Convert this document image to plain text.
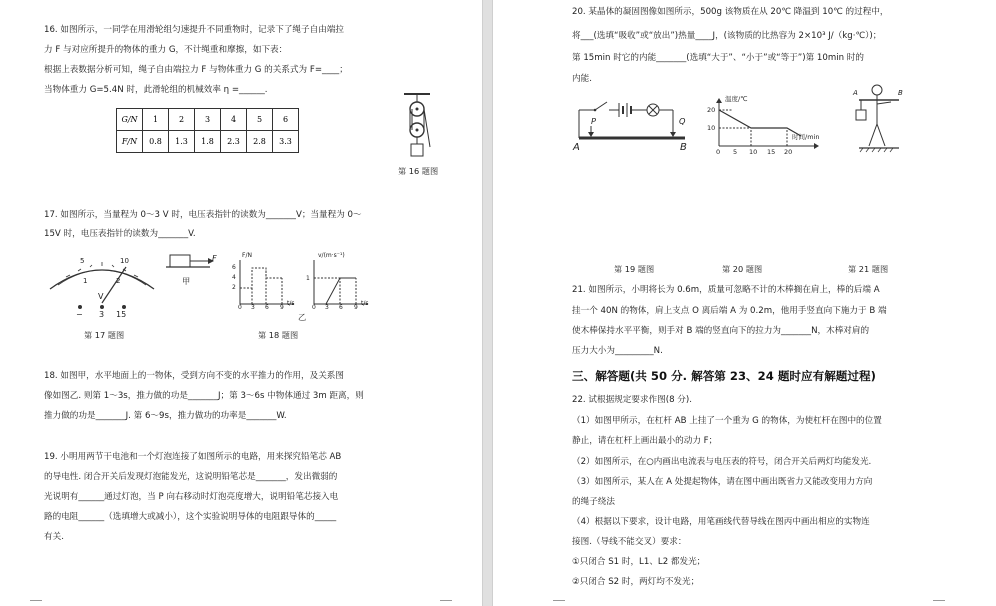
16. 如图所示，一同学在用滑轮组匀速提升不同重物时，记录下了绳子自由端拉
力 F 与对应所提升的物体的重力 G，不计绳重和摩擦，如下表：
根据上表数据分析可知，绳子自由端拉力 F 与物体重力 G 的关系式为 F=____；
当物体重力 G=5.4N 时，此滑轮组的机械效率 η =______.
G/N	1	2	3	4	5	6
F/N	0.8	1.3	1.8	2.3	2.8	3.3
第 16 题图
17. 如图所示，当量程为 0～3 V 时，电压表指针的读数为_______V；当量程为 0～
15V 时，电压表指针的读数为_______V.
5	10
1	2
V
− 3 15
第 17 题图
F
甲
F/N
6
4
2
0 3 6 9
t/s
v/(m·s⁻¹)
1
0 3 6 9
t/s
乙
第 18 题图
18. 如图甲，水平地面上的一物体，受到方向不变的水平推力的作用，及关系图
像如图乙. 则第 1～3s，推力做的功是_______J；第 3～6s 中物体通过 3m 距离，则
推力做的功是_______J. 第 6～9s，推力做功的功率是_______W.
19. 小明用两节干电池和一个灯泡连接了如图所示的电路，用来探究铅笔芯 AB
的导电性. 闭合开关后发现灯泡能发光，这说明铅笔芯是_______，发出微弱的
光说明有______通过灯泡，当 P 向右移动时灯泡亮度增大，说明铅笔芯接入电
路的电阻______（选填增大或减小），这个实验说明导体的电阻跟导体的_____
有关.
20. 某晶体的凝固图像如图所示，500g 该物质在从 20℃ 降温到 10℃ 的过程中，
将___(选填“吸收”或“放出”)热量____J，(该物质的比热容为 2×10³ J/（kg·℃）)；
第 15min 时它的内能_______(选填“大于”、“小于”或“等于”)第 10min 时的
内能.
P	Q
A	B
第 19 题图
温度/℃
20
10
0 5 10 15 20
时间/min
第 20 题图
A	B
第 21 题图
21. 如图所示，小明将长为 0.6m，质量可忽略不计的木棒搁在肩上，棒的后端 A
挂一个 40N 的物体，肩上支点 O 离后端 A 为 0.2m，他用手竖直向下施力于 B 端
使木棒保持水平平衡，则手对 B 端的竖直向下的拉力为_______N，木棒对肩的
压力大小为_________N.
三、解答题(共 50 分. 解答第 23、24 题时应有解题过程)
22. 试根据规定要求作图(8 分).
（1）如图甲所示，在杠杆 AB 上挂了一个重为 G 的物体，为使杠杆在图中的位置
静止，请在杠杆上画出最小的动力 F；
（2）如图所示，在○内画出电流表与电压表的符号，闭合开关后两灯均能发光.
（3）如图所示，某人在 A 处提起物体，请在图中画出既省力又能改变用力方向
的绳子绕法
（4）根据以下要求，设计电路，用笔画线代替导线在图丙中画出相应的实物连
接图.（导线不能交叉）要求：
①只闭合 S1 时，L1、L2 都发光；
②只闭合 S2 时，两灯均不发光；
